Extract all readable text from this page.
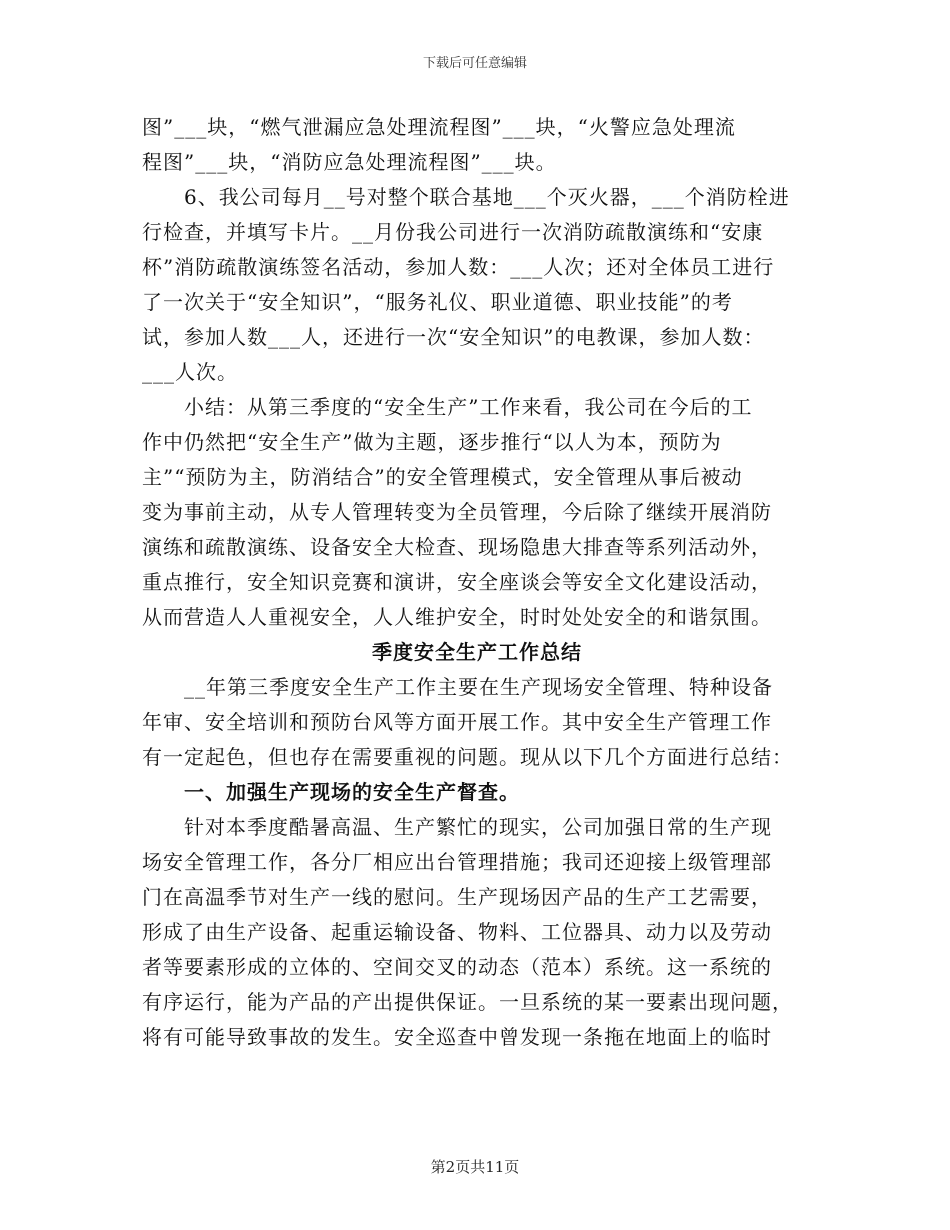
下载后可任意编辑
图”___块，“燃气泄漏应急处理流程图”___块，“火警应急处理流
程图”___块，“消防应急处理流程图”___块。
6、我公司每月__号对整个联合基地___个灭火器，___个消防栓进
行检查，并填写卡片。__月份我公司进行一次消防疏散演练和“安康
杯”消防疏散演练签名活动，参加人数：___人次；还对全体员工进行
了一次关于“安全知识”，“服务礼仪、职业道德、职业技能”的考
试，参加人数___人，还进行一次“安全知识”的电教课，参加人数：
___人次。
小结：从第三季度的“安全生产”工作来看，我公司在今后的工
作中仍然把“安全生产”做为主题，逐步推行“以人为本，预防为
主”“预防为主，防消结合”的安全管理模式，安全管理从事后被动
变为事前主动，从专人管理转变为全员管理，今后除了继续开展消防
演练和疏散演练、设备安全大检查、现场隐患大排查等系列活动外，
重点推行，安全知识竞赛和演讲，安全座谈会等安全文化建设活动，
从而营造人人重视安全，人人维护安全，时时处处安全的和谐氛围。
季度安全生产工作总结
__年第三季度安全生产工作主要在生产现场安全管理、特种设备
年审、安全培训和预防台风等方面开展工作。其中安全生产管理工作
有一定起色，但也存在需要重视的问题。现从以下几个方面进行总结：
一、加强生产现场的安全生产督查。
针对本季度酷暑高温、生产繁忙的现实，公司加强日常的生产现
场安全管理工作，各分厂相应出台管理措施；我司还迎接上级管理部
门在高温季节对生产一线的慰问。生产现场因产品的生产工艺需要，
形成了由生产设备、起重运输设备、物料、工位器具、动力以及劳动
者等要素形成的立体的、空间交叉的动态（范本）系统。这一系统的
有序运行，能为产品的产出提供保证。一旦系统的某一要素出现问题，
将有可能导致事故的发生。安全巡查中曾发现一条拖在地面上的临时
第2页共11页
